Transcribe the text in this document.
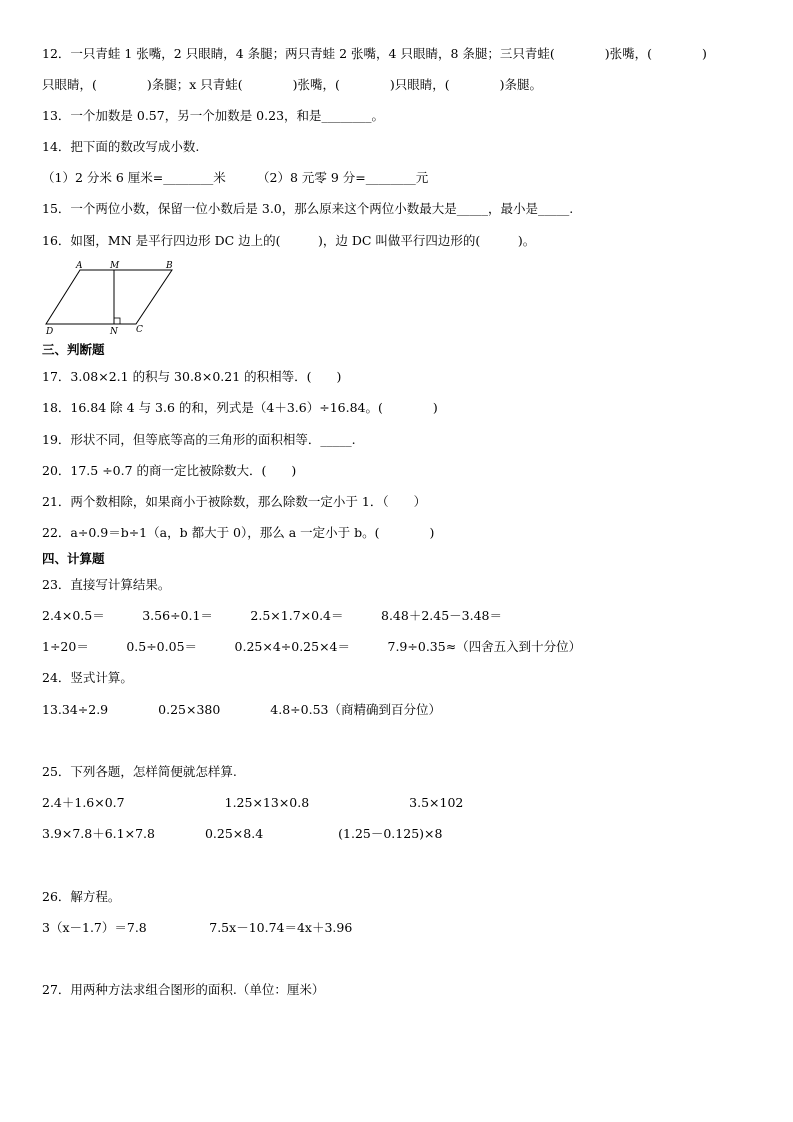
12．一只青蛙 1 张嘴，2 只眼睛，4 条腿；两只青蛙 2 张嘴，4 只眼睛，8 条腿；三只青蛙(　　　　)张嘴，(　　　　)
只眼睛，(　　　　)条腿；x 只青蛙(　　　　)张嘴，(　　　　)只眼睛，(　　　　)条腿。
13．一个加数是 0.57，另一个加数是 0.23，和是________。
14．把下面的数改写成小数.
（1）2 分米 6 厘米=________米　　　（2）8 元零 9 分=________元
15．一个两位小数，保留一位小数后是 3.0，那么原来这个两位小数最大是_____，最小是_____.
16．如图，MN 是平行四边形 DC 边上的(　　　)，边 DC 叫做平行四边形的(　　　)。
A	M	B
D	N C
三、判断题
17．3.08×2.1 的积与 30.8×0.21 的积相等．(　　)
18．16.84 除 4 与 3.6 的和，列式是（4＋3.6）÷16.84。(　　　　)
19．形状不同，但等底等高的三角形的面积相等．_____.
20．17.5 ÷0.7 的商一定比被除数大．(　　)
21．两个数相除，如果商小于被除数，那么除数一定小于 1．（　　）
22．a÷0.9＝b÷1（a，b 都大于 0），那么 a 一定小于 b。(　　　　)
四、计算题
23．直接写计算结果。
2.4×0.5＝　　　3.56÷0.1＝　　　2.5×1.7×0.4＝　　　8.48＋2.45－3.48＝
1÷20＝　　　0.5÷0.05＝　　　0.25×4÷0.25×4＝　　　7.9÷0.35≈（四舍五入到十分位）
24．竖式计算。
13.34÷2.9　　　　0.25×380　　　　4.8÷0.53（商精确到百分位）
25．下列各题，怎样简便就怎样算.
2.4＋1.6×0.7　　　　　　　　1.25×13×0.8　　　　　　　　3.5×102
3.9×7.8＋6.1×7.8　　　　0.25×8.4　　　　　　(1.25－0.125)×8
26．解方程。
3（x－1.7）＝7.8　　　　　7.5x－10.74＝4x＋3.96
27．用两种方法求组合图形的面积.（单位：厘米）
